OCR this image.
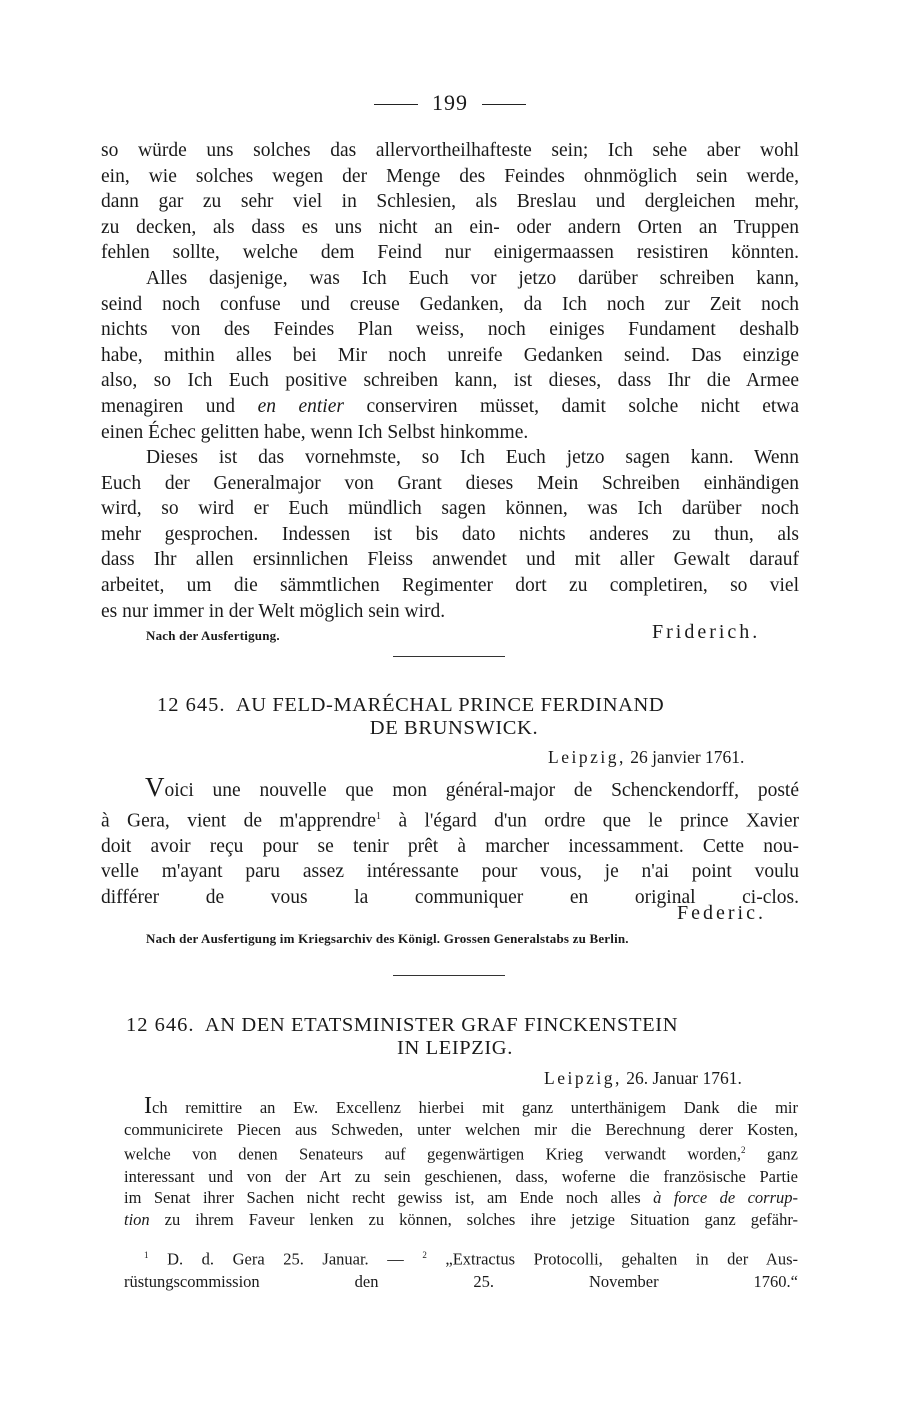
199
so würde uns solches das allervortheilhafteste sein; Ich sehe aber wohl
ein, wie solches wegen der Menge des Feindes ohnmöglich sein werde,
dann gar zu sehr viel in Schlesien, als Breslau und dergleichen mehr,
zu decken, als dass es uns nicht an ein- oder andern Orten an Truppen
fehlen sollte, welche dem Feind nur einigermaassen resistiren könnten.
Alles dasjenige, was Ich Euch vor jetzo darüber schreiben kann,
seind noch confuse und creuse Gedanken, da Ich noch zur Zeit noch
nichts von des Feindes Plan weiss, noch einiges Fundament deshalb
habe, mithin alles bei Mir noch unreife Gedanken seind. Das einzige
also, so Ich Euch positive schreiben kann, ist dieses, dass Ihr die Armee
menagiren und en entier conserviren müsset, damit solche nicht etwa
einen Échec gelitten habe, wenn Ich Selbst hinkomme.
Dieses ist das vornehmste, so Ich Euch jetzo sagen kann. Wenn
Euch der Generalmajor von Grant dieses Mein Schreiben einhändigen
wird, so wird er Euch mündlich sagen können, was Ich darüber noch
mehr gesprochen. Indessen ist bis dato nichts anderes zu thun, als
dass Ihr allen ersinnlichen Fleiss anwendet und mit aller Gewalt darauf
arbeitet, um die sämmtlichen Regimenter dort zu completiren, so viel
es nur immer in der Welt möglich sein wird.
Nach der Ausfertigung.	Friderich.
12 645. AU FELD-MARÉCHAL PRINCE FERDINAND
DE BRUNSWICK.
Leipzig, 26 janvier 1761.
Voici une nouvelle que mon général-major de Schenckendorff, posté
à Gera, vient de m'apprendre$^1$ à l'égard d'un ordre que le prince Xavier
doit avoir reçu pour se tenir prêt à marcher incessamment. Cette nou-
velle m'ayant paru assez intéressante pour vous, je n'ai point voulu
différer de vous la communiquer en original ci-clos.
Federic.
Nach der Ausfertigung im Kriegsarchiv des Königl. Grossen Generalstabs zu Berlin.
12 646. AN DEN ETATSMINISTER GRAF FINCKENSTEIN
IN LEIPZIG.
Leipzig, 26. Januar 1761.
Ich remittire an Ew. Excellenz hierbei mit ganz unterthänigem Dank die mir
communicirete Piecen aus Schweden, unter welchen mir die Berechnung derer Kosten,
welche von denen Senateurs auf gegenwärtigen Krieg verwandt worden,$^2$ ganz
interessant und von der Art zu sein geschienen, dass, woferne die französische Partie
im Senat ihrer Sachen nicht recht gewiss ist, am Ende noch alles à force de corrup-
tion zu ihrem Faveur lenken zu können, solches ihre jetzige Situation ganz gefähr-
$^1$ D. d. Gera 25. Januar. — $^2$ „Extractus Protocolli, gehalten in der Aus-
rüstungscommission den 25. November 1760.“
